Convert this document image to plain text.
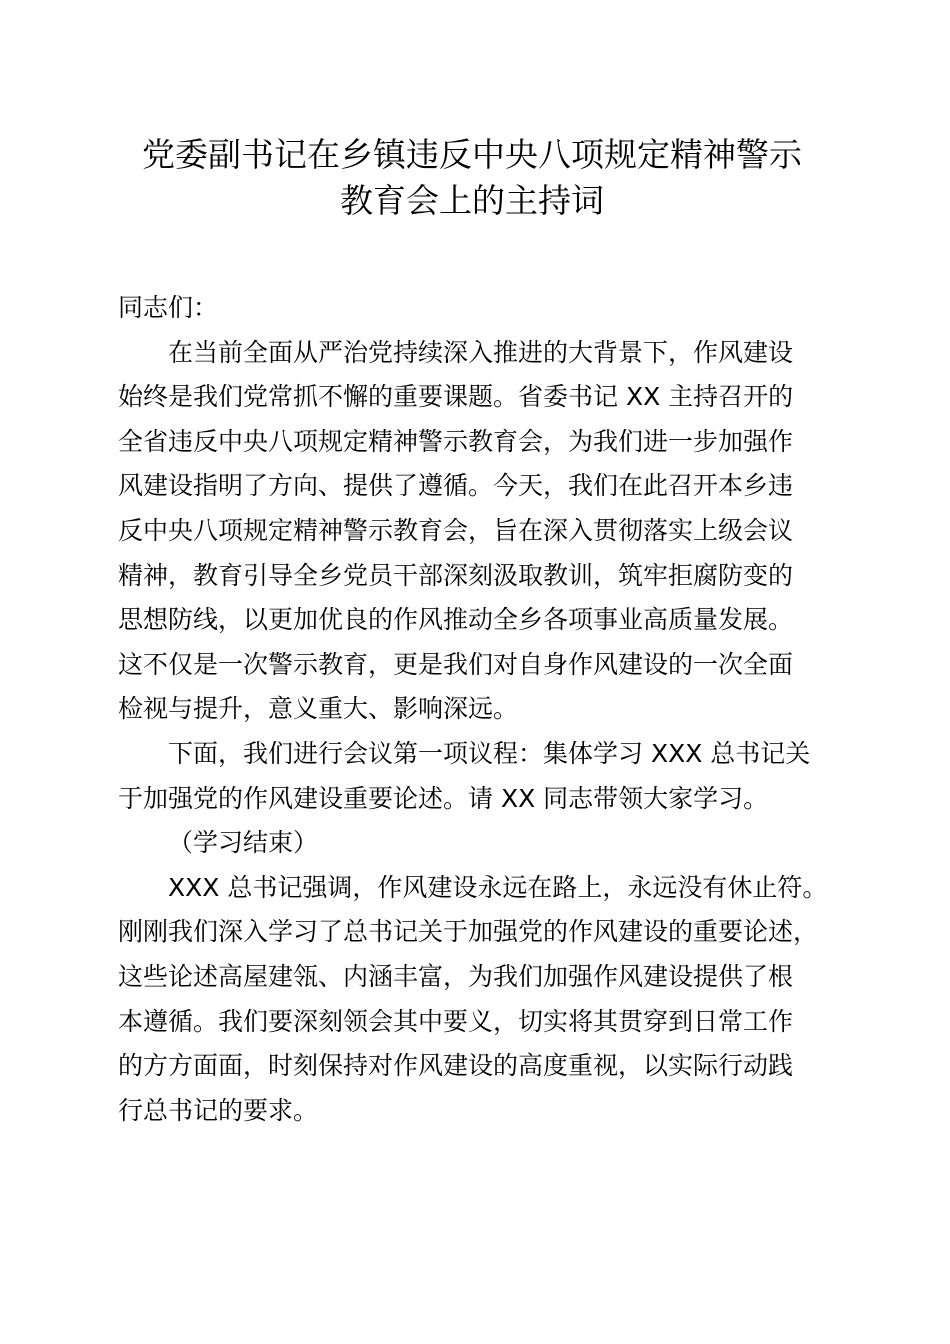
党委副书记在乡镇违反中央八项规定精神警示
教育会上的主持词

同志们：

在当前全面从严治党持续深入推进的大背景下，作风建设
始终是我们党常抓不懈的重要课题。省委书记 XX 主持召开的
全省违反中央八项规定精神警示教育会，为我们进一步加强作
风建设指明了方向、提供了遵循。今天，我们在此召开本乡违
反中央八项规定精神警示教育会，旨在深入贯彻落实上级会议
精神，教育引导全乡党员干部深刻汲取教训，筑牢拒腐防变的
思想防线，以更加优良的作风推动全乡各项事业高质量发展。
这不仅是一次警示教育，更是我们对自身作风建设的一次全面
检视与提升，意义重大、影响深远。

下面，我们进行会议第一项议程：集体学习 XXX 总书记关
于加强党的作风建设重要论述。请 XX 同志带领大家学习。

（学习结束）

XXX 总书记强调，作风建设永远在路上，永远没有休止符。
刚刚我们深入学习了总书记关于加强党的作风建设的重要论述，
这些论述高屋建瓴、内涵丰富，为我们加强作风建设提供了根
本遵循。我们要深刻领会其中要义，切实将其贯穿到日常工作
的方方面面，时刻保持对作风建设的高度重视，以实际行动践
行总书记的要求。
